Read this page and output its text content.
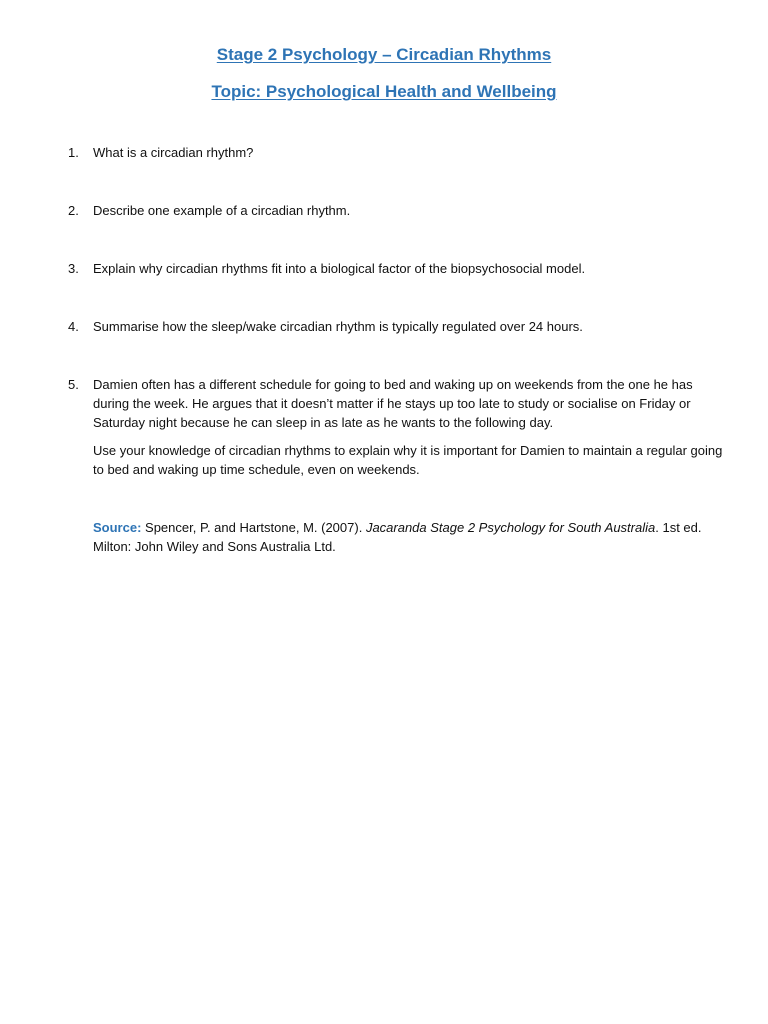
Stage 2 Psychology – Circadian Rhythms
Topic: Psychological Health and Wellbeing
1.	What is a circadian rhythm?

2.	Describe one example of a circadian rhythm.

3.	Explain why circadian rhythms fit into a biological factor of the biopsychosocial model.

4.	Summarise how the sleep/wake circadian rhythm is typically regulated over 24 hours.

5.	Damien often has a different schedule for going to bed and waking up on weekends from the one he has during the week. He argues that it doesn’t matter if he stays up too late to study or socialise on Friday or Saturday night because he can sleep in as late as he wants to the following day.

Use your knowledge of circadian rhythms to explain why it is important for Damien to maintain a regular going to bed and waking up time schedule, even on weekends.

Source: Spencer, P. and Hartstone, M. (2007). Jacaranda Stage 2 Psychology for South Australia. 1st ed. Milton: John Wiley and Sons Australia Ltd.
